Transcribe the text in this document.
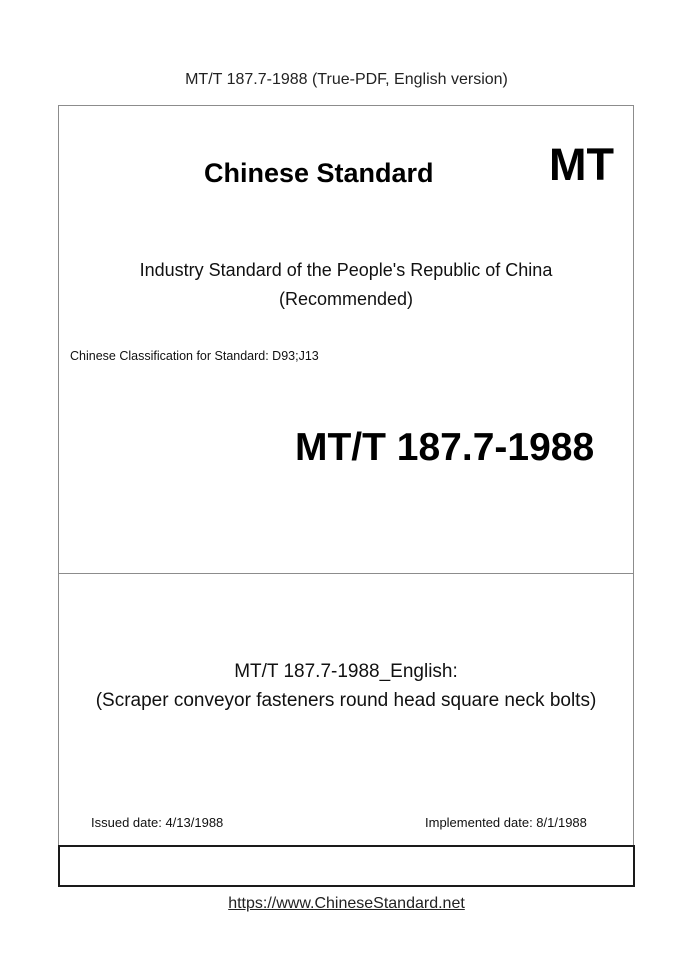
MT/T 187.7-1988 (True-PDF, English version)
Chinese Standard	MT
Industry Standard of the People's Republic of China
(Recommended)
Chinese Classification for Standard: D93;J13
MT/T 187.7-1988
MT/T 187.7-1988_English:
(Scraper conveyor fasteners round head square neck bolts)
Issued date: 4/13/1988	Implemented date: 8/1/1988
https://www.ChineseStandard.net
